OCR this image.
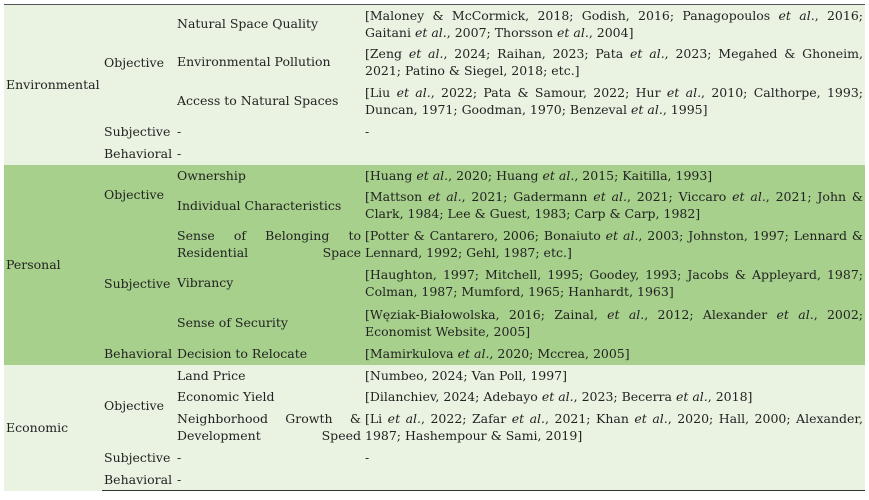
Environmental	Objective	Natural Space Quality	[Maloney & McCormick, 2018; Godish, 2016; Panagopoulos et al., 2016; Gaitani et al., 2007; Thorsson et al., 2004]
		Environmental Pollution	[Zeng et al., 2024; Raihan, 2023; Pata et al., 2023; Megahed & Ghoneim, 2021; Patino & Siegel, 2018; etc.]
		Access to Natural Spaces	[Liu et al., 2022; Pata & Samour, 2022; Hur et al., 2010; Calthorpe, 1993; Duncan, 1971; Goodman, 1970; Benzeval et al., 1995]
	Subjective	-	-
	Behavioral	-	
Personal	Objective	Ownership	[Huang et al., 2020; Huang et al., 2015; Kaitilla, 1993]
		Individual Characteristics	[Mattson et al., 2021; Gadermann et al., 2021; Viccaro et al., 2021; John & Clark, 1984; Lee & Guest, 1983; Carp & Carp, 1982]
	Subjective	Sense of Belonging to Residential Space	[Potter & Cantarero, 2006; Bonaiuto et al., 2003; Johnston, 1997; Lennard & Lennard, 1992; Gehl, 1987; etc.]
		Vibrancy	[Haughton, 1997; Mitchell, 1995; Goodey, 1993; Jacobs & Appleyard, 1987; Colman, 1987; Mumford, 1965; Hanhardt, 1963]
		Sense of Security	[Węziak-Białowolska, 2016; Zainal, et al., 2012; Alexander et al., 2002; Economist Website, 2005]
	Behavioral	Decision to Relocate	[Mamirkulova et al., 2020; Mccrea, 2005]
Economic	Objective	Land Price	[Numbeo, 2024; Van Poll, 1997]
		Economic Yield	[Dilanchiev, 2024; Adebayo et al., 2023; Becerra et al., 2018]
		Neighborhood Growth & Development Speed	[Li et al., 2022; Zafar et al., 2021; Khan et al., 2020; Hall, 2000; Alexander, 1987; Hashempour & Sami, 2019]
	Subjective	-	-
	Behavioral	-	
